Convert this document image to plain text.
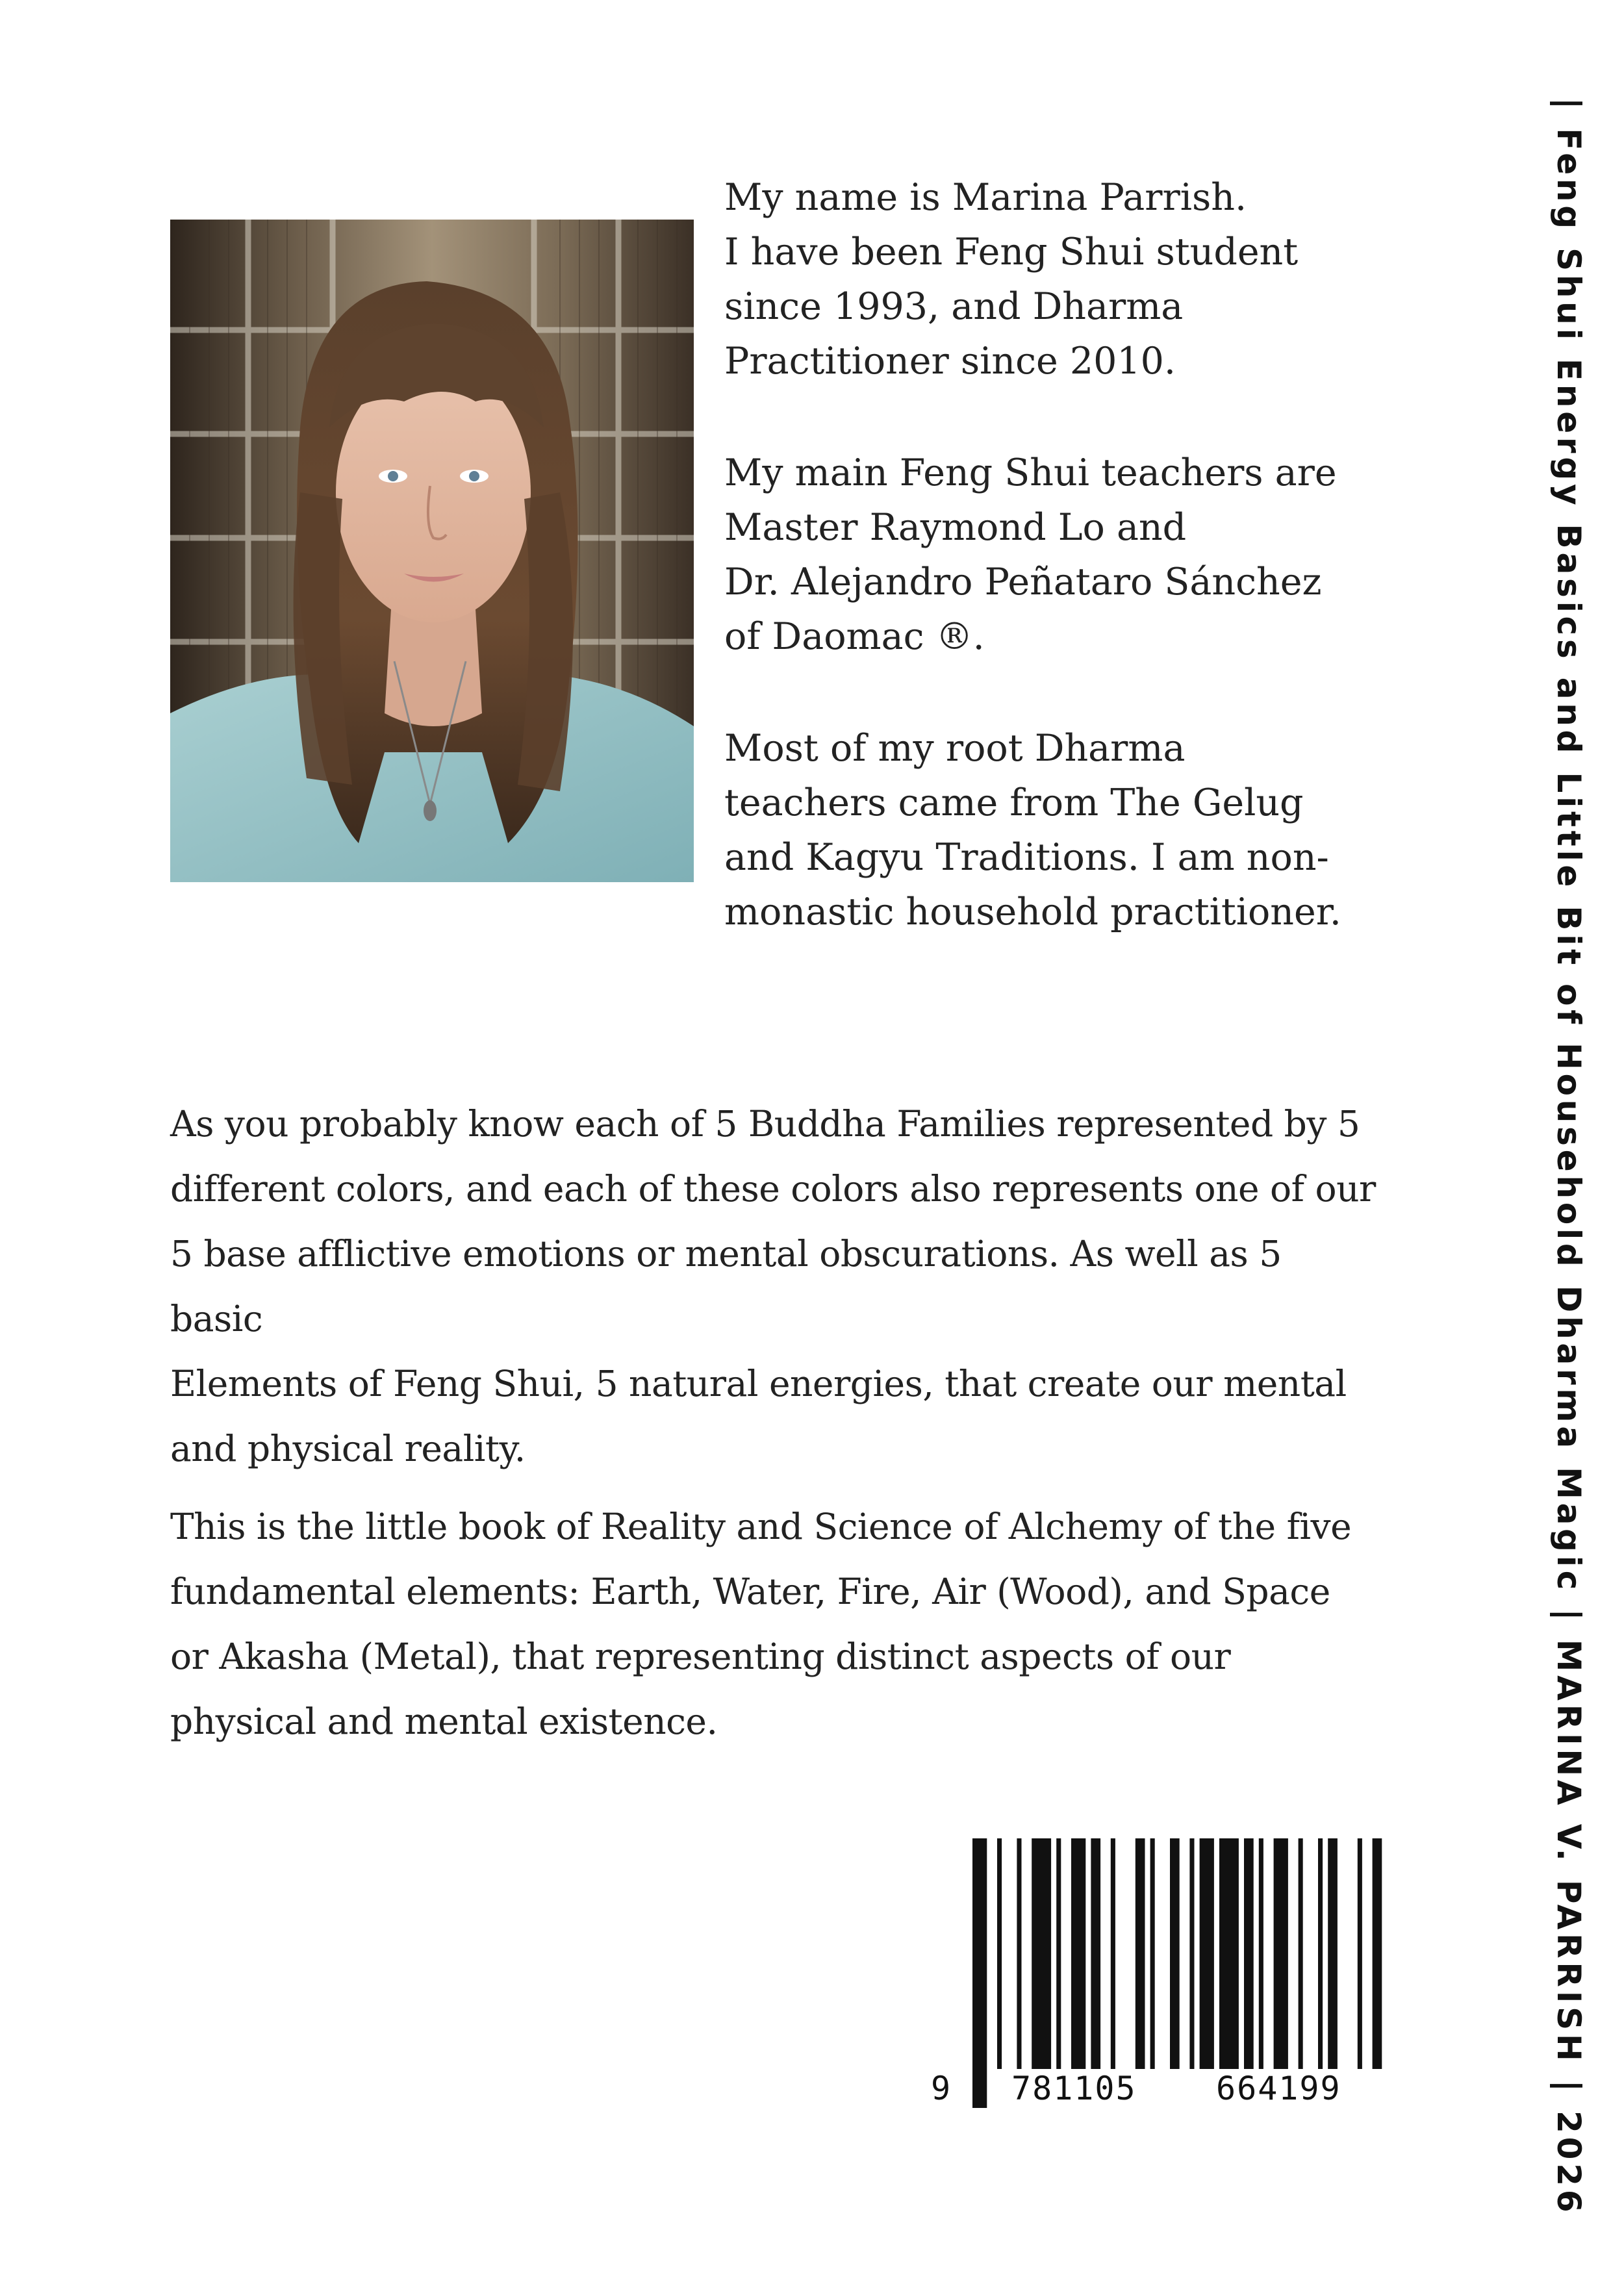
My name is Marina Parrish.
I have been Feng Shui student
since 1993, and Dharma
Practitioner since 2010.

My main Feng Shui teachers are
Master Raymond Lo and
Dr. Alejandro Peñataro Sánchez
of Daomac ®.

Most of my root Dharma
teachers came from The Gelug
and Kagyu Traditions. I am non-
monastic household practitioner.

As you probably know each of 5 Buddha Families represented by 5
different colors, and each of these colors also represents one of our
5 base afflictive emotions or mental obscurations. As well as 5 basic
Elements of Feng Shui, 5 natural energies, that create our mental
and physical reality.

This is the little book of Reality and Science of Alchemy of the five
fundamental elements: Earth, Water, Fire, Air (Wood), and Space
or Akasha (Metal), that representing distinct aspects of our
physical and mental existence.

9 781105 664199	| Feng Shui Energy Basics and Little Bit of Household Dharma Magic | MARINA V. PARRISH | 2026
